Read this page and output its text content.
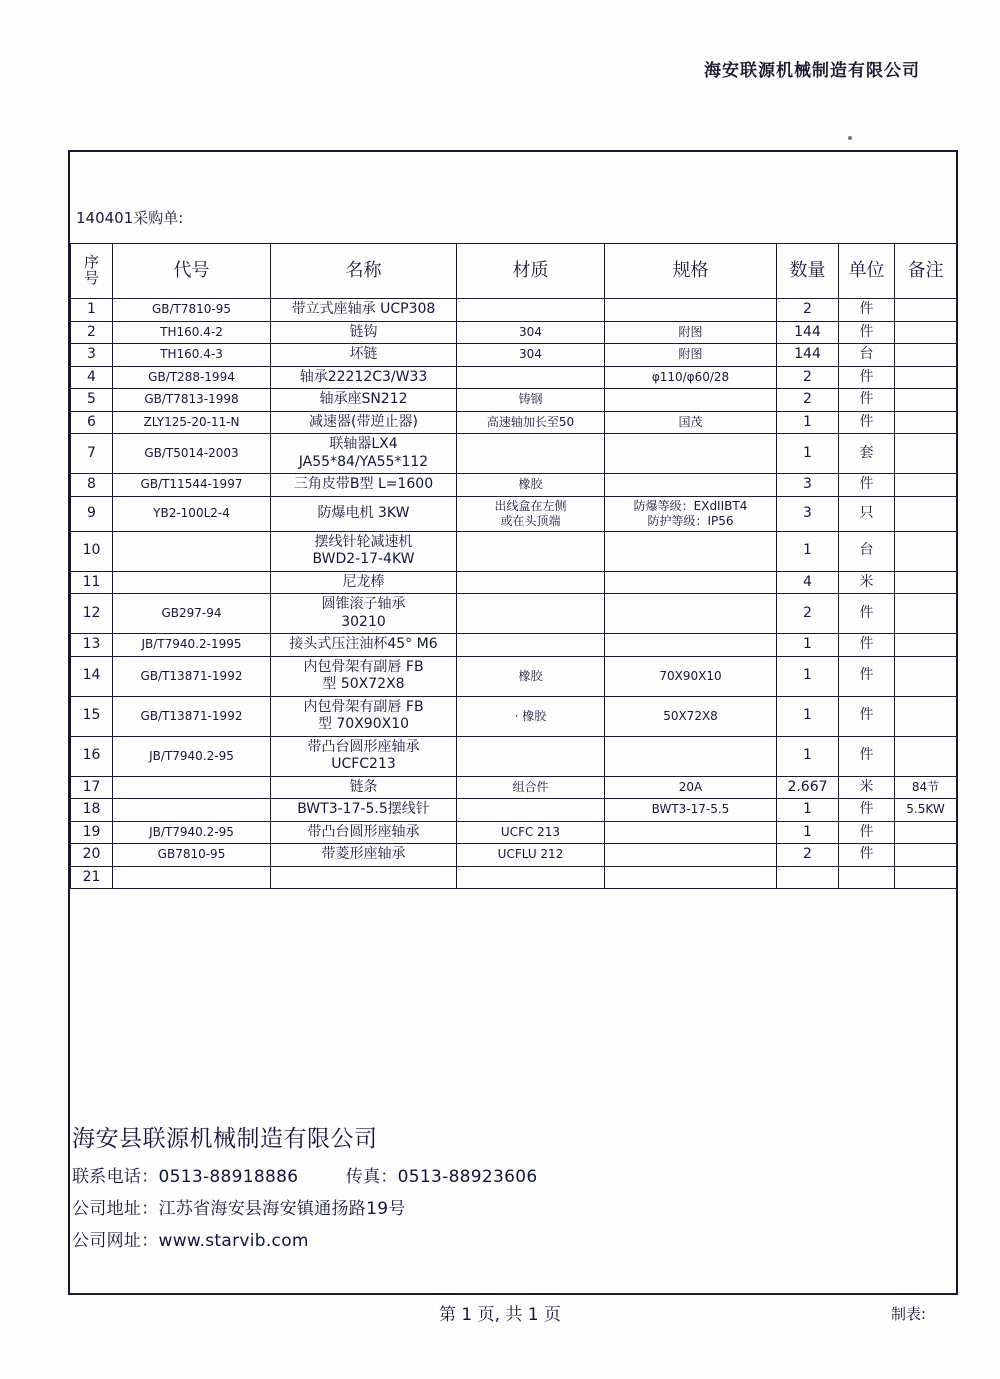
海安联源机械制造有限公司
140401采购单:
序
号	代号	名称	材质	规格	数量	单位	备注
1	GB/T7810-95	带立式座轴承 UCP308			2	件	
2	TH160.4-2	链钩	304	附图	144	件	
3	TH160.4-3	坏链	304	附图	144	台	
4	GB/T288-1994	轴承22212C3/W33		φ110/φ60/28	2	件	
5	GB/T7813-1998	轴承座SN212	铸钢		2	件	
6	ZLY125-20-11-N	减速器(带逆止器)	高速轴加长至50	国茂	1	件	
7	GB/T5014-2003	联轴器LX4
JA55*84/YA55*112			1	套	
8	GB/T11544-1997	三角皮带B型 L=1600	橡胶		3	件	
9	YB2-100L2-4	防爆电机 3KW	出线盒在左侧
或在头顶端	防爆等级：EXdIIBT4
防护等级：IP56	3	只	
10		摆线针轮减速机
BWD2-17-4KW			1	台	
11		尼龙棒			4	米	
12	GB297-94	圆锥滚子轴承
30210			2	件	
13	JB/T7940.2-1995	接头式压注油杯45° M6			1	件	
14	GB/T13871-1992	内包骨架有副唇 FB
型 50X72X8	橡胶	70X90X10	1	件	
15	GB/T13871-1992	内包骨架有副唇 FB
型 70X90X10	· 橡胶	50X72X8	1	件	
16	JB/T7940.2-95	带凸台圆形座轴承
UCFC213			1	件	
17		链条	组合件	20A	2.667	米	84节
18		BWT3-17-5.5摆线针		BWT3-17-5.5	1	件	5.5KW
19	JB/T7940.2-95	带凸台圆形座轴承	UCFC 213		1	件	
20	GB7810-95	带菱形座轴承	UCFLU 212		2	件	
21							
海安县联源机械制造有限公司
联系电话：0513-88918886	传真：0513-88923606
公司地址：江苏省海安县海安镇通扬路19号
公司网址：www.starvib.com
第 1 页, 共 1 页	制表:
